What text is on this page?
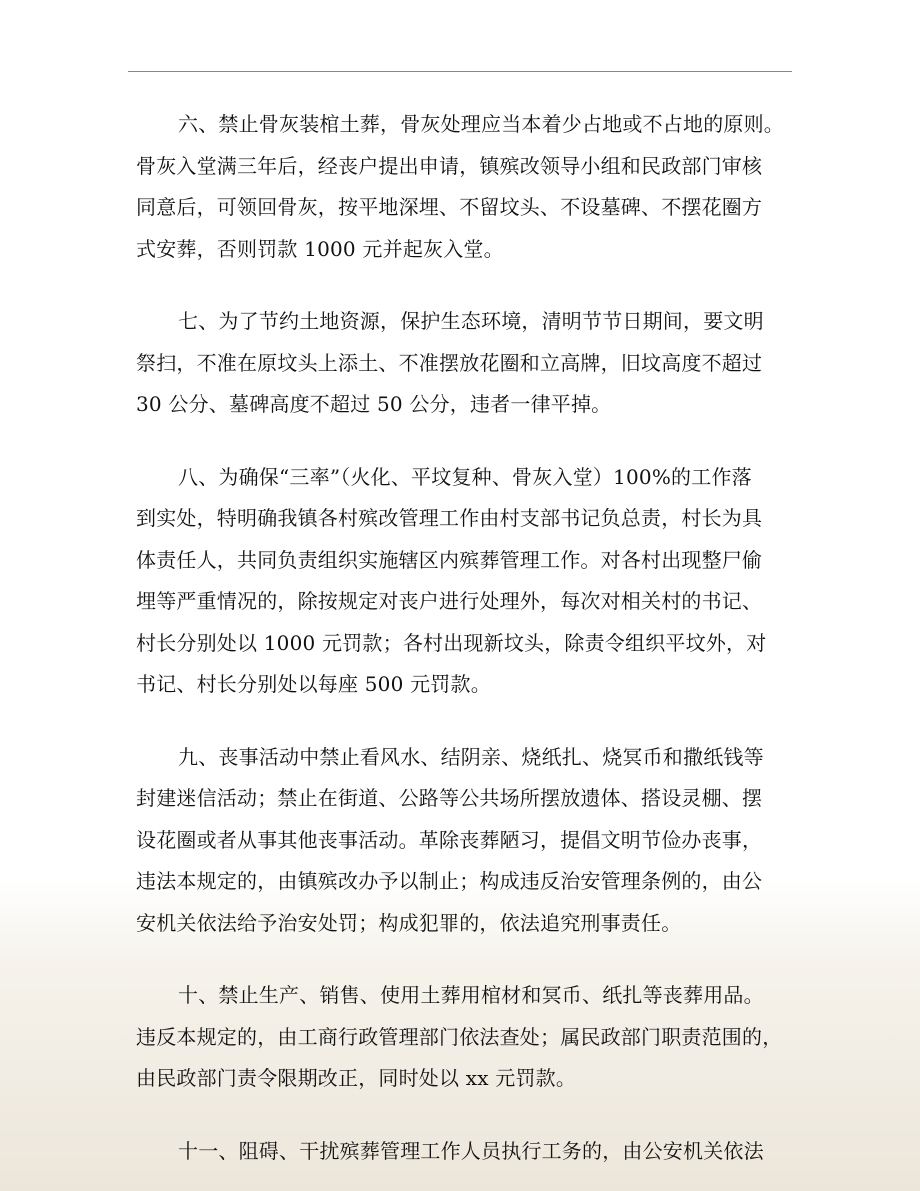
六、禁止骨灰装棺土葬，骨灰处理应当本着少占地或不占地的原则。
骨灰入堂满三年后，经丧户提出申请，镇殡改领导小组和民政部门审核
同意后，可领回骨灰，按平地深埋、不留坟头、不设墓碑、不摆花圈方
式安葬，否则罚款 1000 元并起灰入堂。

七、为了节约土地资源，保护生态环境，清明节节日期间，要文明
祭扫，不准在原坟头上添土、不准摆放花圈和立高牌，旧坟高度不超过
30 公分、墓碑高度不超过 50 公分，违者一律平掉。

八、为确保“三率”（火化、平坟复种、骨灰入堂）100%的工作落
到实处，特明确我镇各村殡改管理工作由村支部书记负总责，村长为具
体责任人，共同负责组织实施辖区内殡葬管理工作。对各村出现整尸偷
埋等严重情况的，除按规定对丧户进行处理外，每次对相关村的书记、
村长分别处以 1000 元罚款；各村出现新坟头，除责令组织平坟外，对
书记、村长分别处以每座 500 元罚款。

九、丧事活动中禁止看风水、结阴亲、烧纸扎、烧冥币和撒纸钱等
封建迷信活动；禁止在街道、公路等公共场所摆放遗体、搭设灵棚、摆
设花圈或者从事其他丧事活动。革除丧葬陋习，提倡文明节俭办丧事，
违法本规定的，由镇殡改办予以制止；构成违反治安管理条例的，由公
安机关依法给予治安处罚；构成犯罪的，依法追究刑事责任。

十、禁止生产、销售、使用土葬用棺材和冥币、纸扎等丧葬用品。
违反本规定的，由工商行政管理部门依法查处；属民政部门职责范围的，
由民政部门责令限期改正，同时处以 xx 元罚款。

十一、阻碍、干扰殡葬管理工作人员执行工务的，由公安机关依法
